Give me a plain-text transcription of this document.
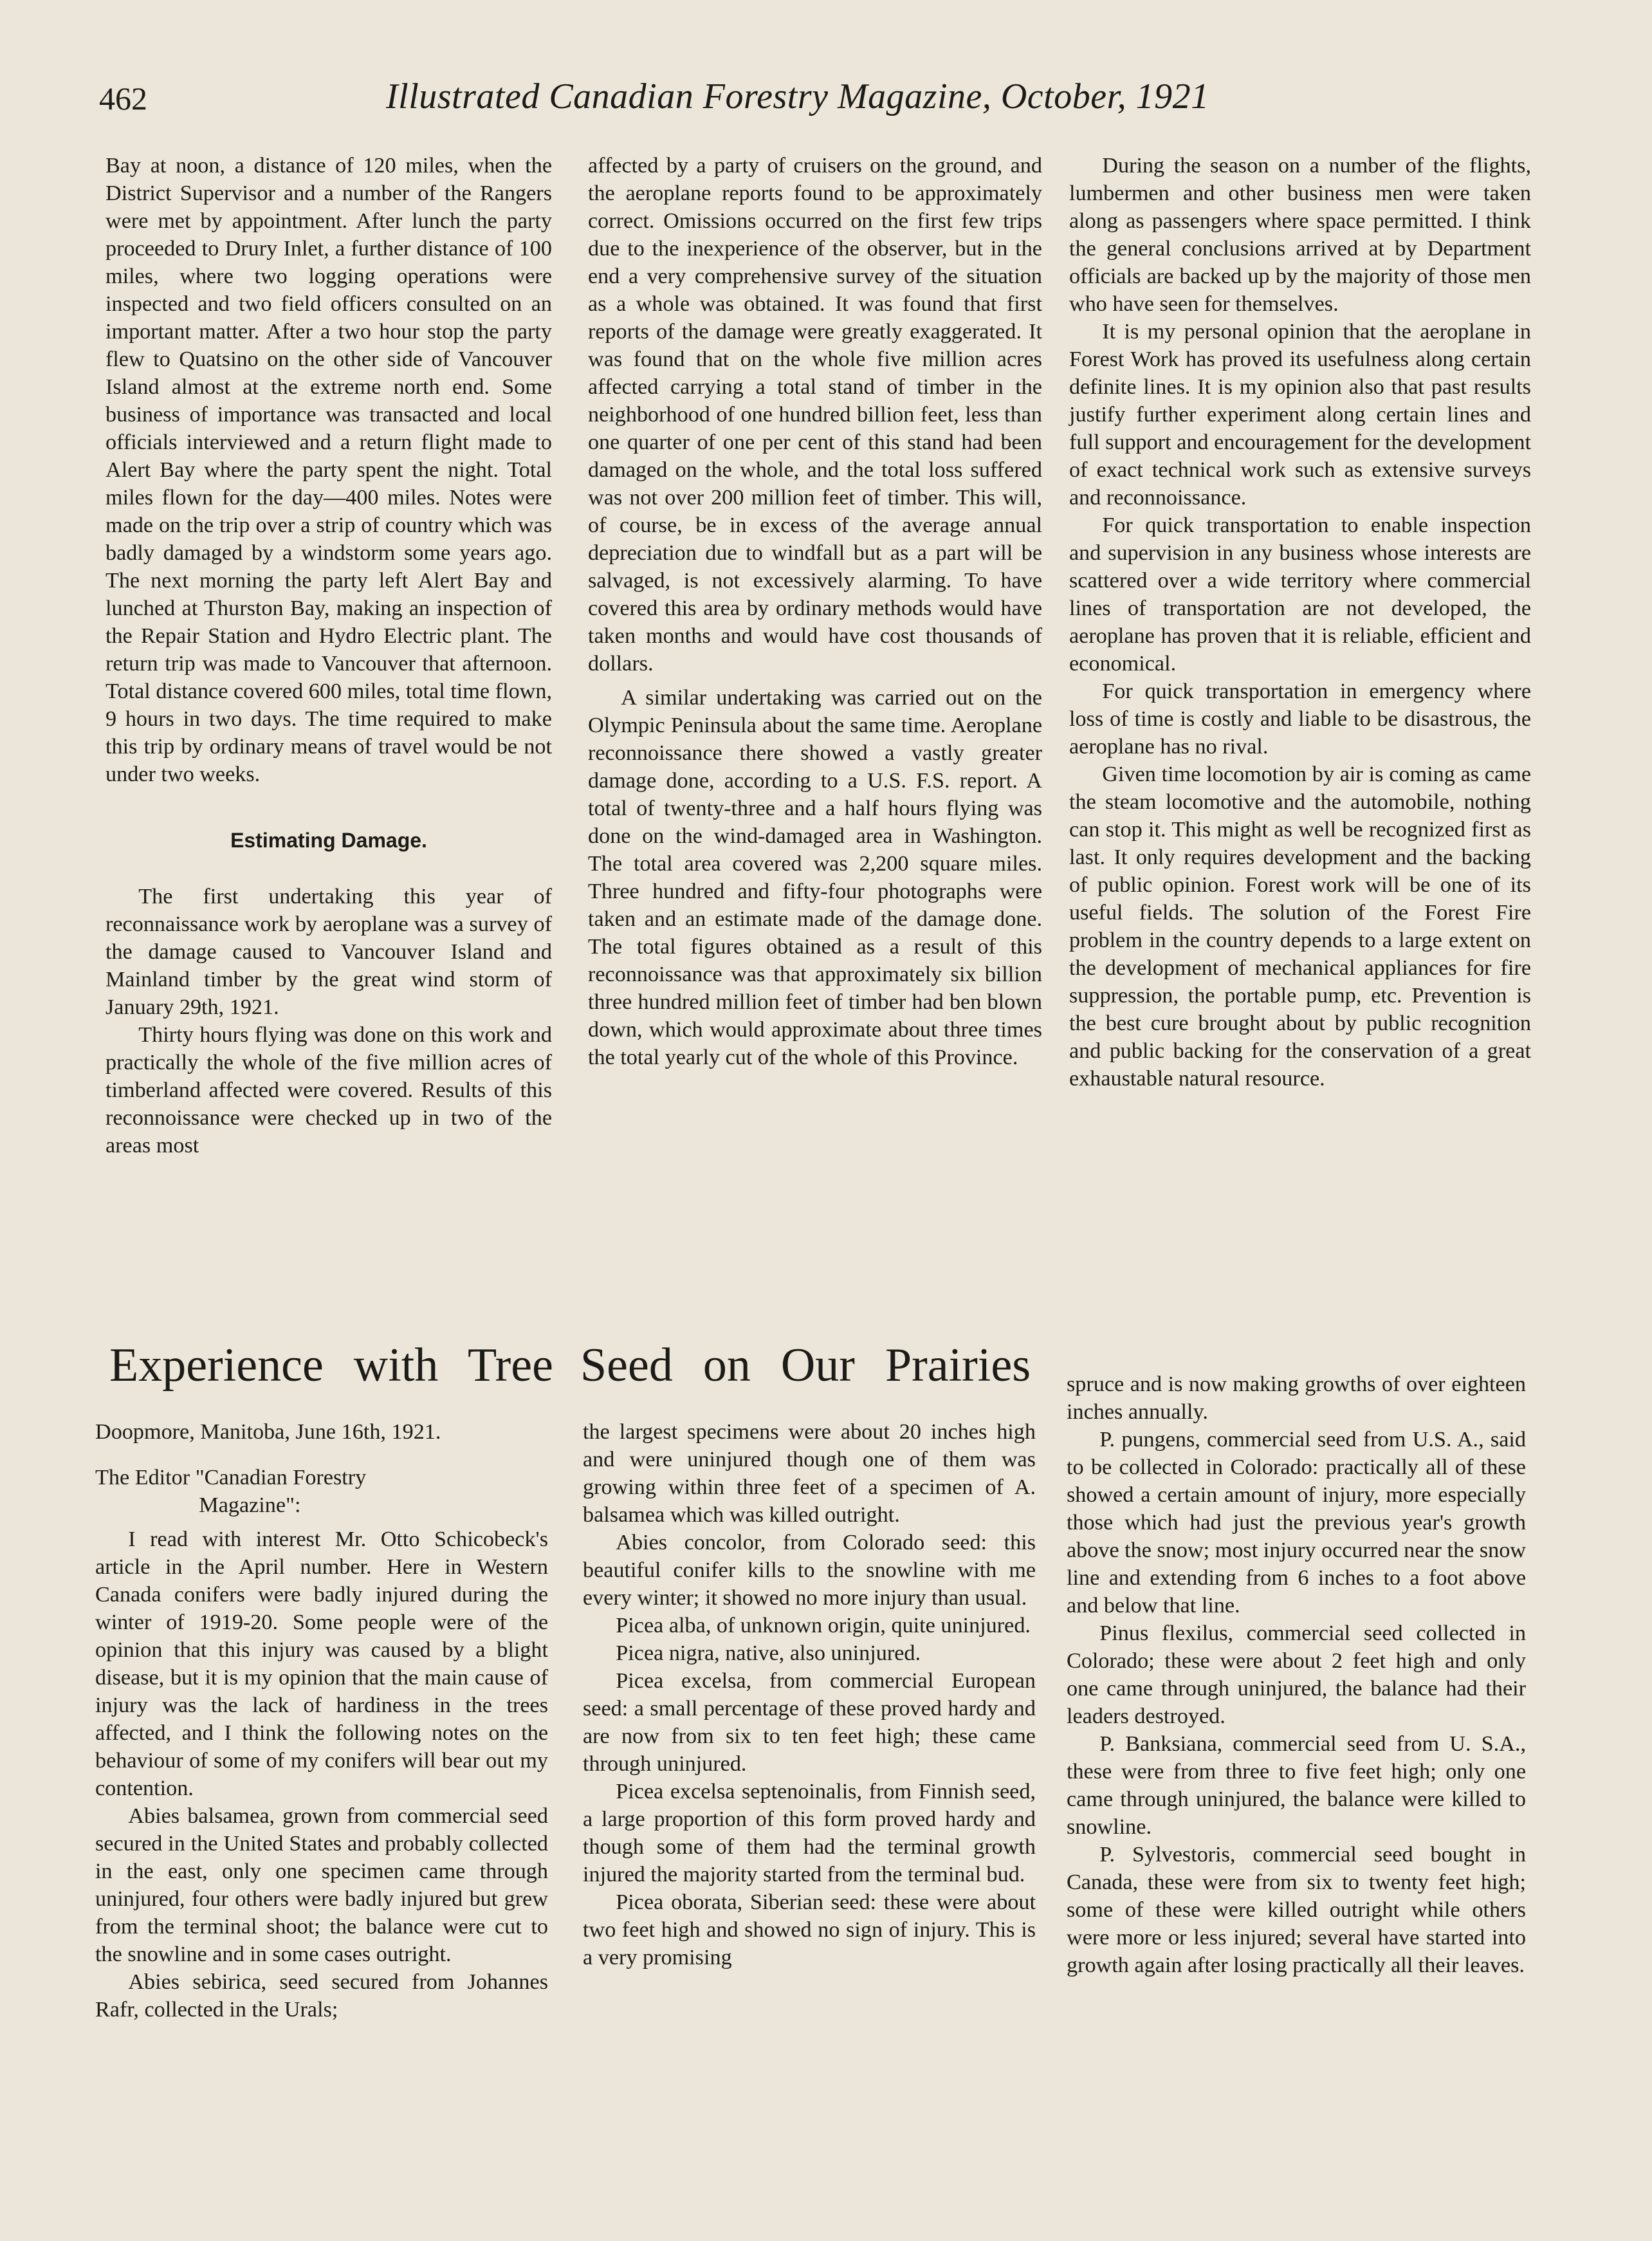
462	Illustrated Canadian Forestry Magazine, October, 1921

Bay at noon, a distance of 120 miles, when the District Supervisor and a number of the Rangers were met by appointment. After lunch the party proceeded to Drury Inlet, a further distance of 100 miles, where two logging operations were inspected and two field officers consulted on an important matter. After a two hour stop the party flew to Quatsino on the other side of Vancouver Island almost at the extreme north end. Some business of importance was transacted and local officials interviewed and a return flight made to Alert Bay where the party spent the night. Total miles flown for the day—400 miles. Notes were made on the trip over a strip of country which was badly damaged by a windstorm some years ago. The next morning the party left Alert Bay and lunched at Thurston Bay, making an inspection of the Repair Station and Hydro Electric plant. The return trip was made to Vancouver that afternoon. Total distance covered 600 miles, total time flown, 9 hours in two days. The time required to make this trip by ordinary means of travel would be not under two weeks.

Estimating Damage.

The first undertaking this year of reconnaissance work by aeroplane was a survey of the damage caused to Vancouver Island and Mainland timber by the great wind storm of January 29th, 1921.

Thirty hours flying was done on this work and practically the whole of the five million acres of timberland affected were covered. Results of this reconnoissance were checked up in two of the areas most

affected by a party of cruisers on the ground, and the aeroplane reports found to be approximately correct. Omissions occurred on the first few trips due to the inexperience of the observer, but in the end a very comprehensive survey of the situation as a whole was obtained. It was found that first reports of the damage were greatly exaggerated. It was found that on the whole five million acres affected carrying a total stand of timber in the neighborhood of one hundred billion feet, less than one quarter of one per cent of this stand had been damaged on the whole, and the total loss suffered was not over 200 million feet of timber. This will, of course, be in excess of the average annual depreciation due to windfall but as a part will be salvaged, is not excessively alarming. To have covered this area by ordinary methods would have taken months and would have cost thousands of dollars.

A similar undertaking was carried out on the Olympic Peninsula about the same time. Aeroplane reconnoissance there showed a vastly greater damage done, according to a U.S. F.S. report. A total of twenty-three and a half hours flying was done on the wind-damaged area in Washington. The total area covered was 2,200 square miles. Three hundred and fifty-four photographs were taken and an estimate made of the damage done. The total figures obtained as a result of this reconnoissance was that approximately six billion three hundred million feet of timber had ben blown down, which would approximate about three times the total yearly cut of the whole of this Province.

During the season on a number of the flights, lumbermen and other business men were taken along as passengers where space permitted. I think the general conclusions arrived at by Department officials are backed up by the majority of those men who have seen for themselves.

It is my personal opinion that the aeroplane in Forest Work has proved its usefulness along certain definite lines. It is my opinion also that past results justify further experiment along certain lines and full support and encouragement for the development of exact technical work such as extensive surveys and reconnoissance.

For quick transportation to enable inspection and supervision in any business whose interests are scattered over a wide territory where commercial lines of transportation are not developed, the aeroplane has proven that it is reliable, efficient and economical.

For quick transportation in emergency where loss of time is costly and liable to be disastrous, the aeroplane has no rival.

Given time locomotion by air is coming as came the steam locomotive and the automobile, nothing can stop it. This might as well be recognized first as last. It only requires development and the backing of public opinion. Forest work will be one of its useful fields. The solution of the Forest Fire problem in the country depends to a large extent on the development of mechanical appliances for fire suppression, the portable pump, etc. Prevention is the best cure brought about by public recognition and public backing for the conservation of a great exhaustable natural resource.

Experience with Tree Seed on Our Prairies

Doopmore, Manitoba, June 16th, 1921.

The Editor "Canadian Forestry

Magazine":

I read with interest Mr. Otto Schicobeck's article in the April number. Here in Western Canada conifers were badly injured during the winter of 1919-20. Some people were of the opinion that this injury was caused by a blight disease, but it is my opinion that the main cause of injury was the lack of hardiness in the trees affected, and I think the following notes on the behaviour of some of my conifers will bear out my contention.

Abies balsamea, grown from commercial seed secured in the United States and probably collected in the east, only one specimen came through uninjured, four others were badly injured but grew from the terminal shoot; the balance were cut to the snowline and in some cases outright.

Abies sebirica, seed secured from Johannes Rafr, collected in the Urals;

the largest specimens were about 20 inches high and were uninjured though one of them was growing within three feet of a specimen of A. balsamea which was killed outright.

Abies concolor, from Colorado seed: this beautiful conifer kills to the snowline with me every winter; it showed no more injury than usual.

Picea alba, of unknown origin, quite uninjured.

Picea nigra, native, also uninjured.

Picea excelsa, from commercial European seed: a small percentage of these proved hardy and are now from six to ten feet high; these came through uninjured.

Picea excelsa septenoinalis, from Finnish seed, a large proportion of this form proved hardy and though some of them had the terminal growth injured the majority started from the terminal bud.

Picea oborata, Siberian seed: these were about two feet high and showed no sign of injury. This is a very promising

spruce and is now making growths of over eighteen inches annually.

P. pungens, commercial seed from U.S. A., said to be collected in Colorado: practically all of these showed a certain amount of injury, more especially those which had just the previous year's growth above the snow; most injury occurred near the snow line and extending from 6 inches to a foot above and below that line.

Pinus flexilus, commercial seed collected in Colorado; these were about 2 feet high and only one came through uninjured, the balance had their leaders destroyed.

P. Banksiana, commercial seed from U. S.A., these were from three to five feet high; only one came through uninjured, the balance were killed to snowline.

P. Sylvestoris, commercial seed bought in Canada, these were from six to twenty feet high; some of these were killed outright while others were more or less injured; several have started into growth again after losing practically all their leaves.
